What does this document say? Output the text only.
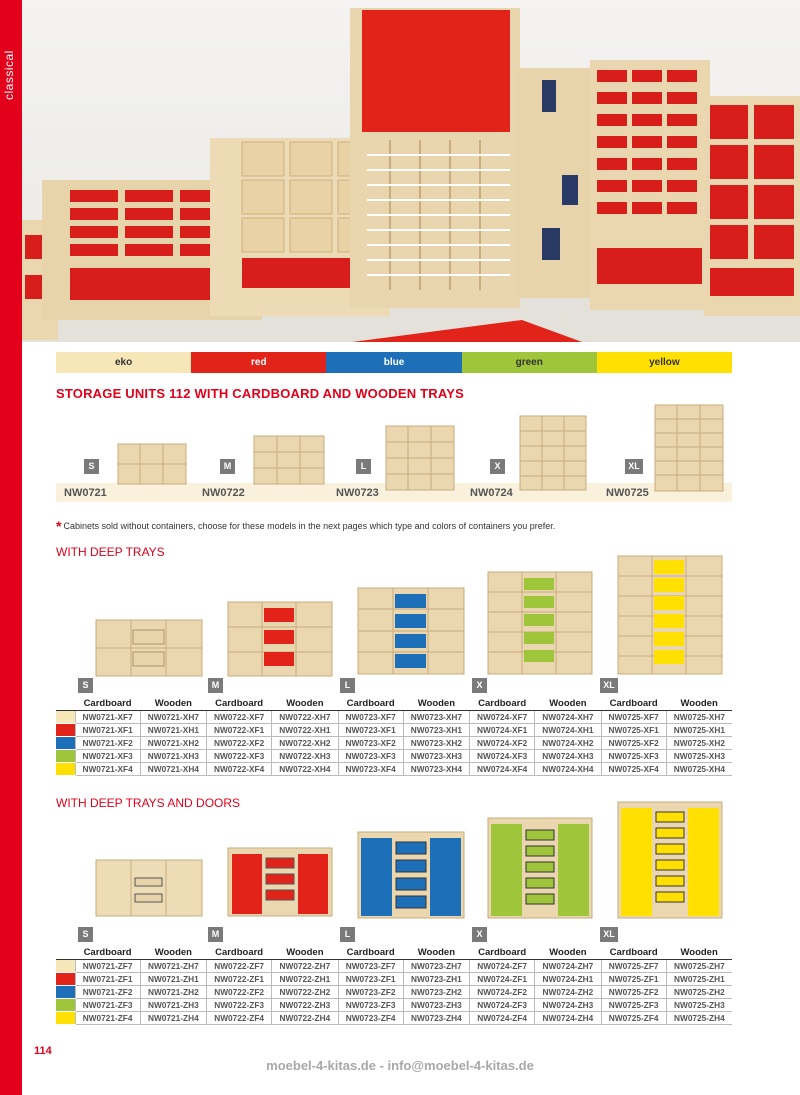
classical
eko	red	blue	green	yellow
STORAGE UNITS 112 WITH CARDBOARD AND WOODEN TRAYS
S	M	L	X	XL
NW0721	NW0722	NW0723	NW0724	NW0725
* Cabinets sold without containers, choose for these models in the next pages which type and colors of containers you prefer.
WITH DEEP TRAYS
S	M	L	X	XL
	Cardboard	Wooden	Cardboard	Wooden	Cardboard	Wooden	Cardboard	Wooden	Cardboard	Wooden
	NW0721-XF7	NW0721-XH7	NW0722-XF7	NW0722-XH7	NW0723-XF7	NW0723-XH7	NW0724-XF7	NW0724-XH7	NW0725-XF7	NW0725-XH7
	NW0721-XF1	NW0721-XH1	NW0722-XF1	NW0722-XH1	NW0723-XF1	NW0723-XH1	NW0724-XF1	NW0724-XH1	NW0725-XF1	NW0725-XH1
	NW0721-XF2	NW0721-XH2	NW0722-XF2	NW0722-XH2	NW0723-XF2	NW0723-XH2	NW0724-XF2	NW0724-XH2	NW0725-XF2	NW0725-XH2
	NW0721-XF3	NW0721-XH3	NW0722-XF3	NW0722-XH3	NW0723-XF3	NW0723-XH3	NW0724-XF3	NW0724-XH3	NW0725-XF3	NW0725-XH3
	NW0721-XF4	NW0721-XH4	NW0722-XF4	NW0722-XH4	NW0723-XF4	NW0723-XH4	NW0724-XF4	NW0724-XH4	NW0725-XF4	NW0725-XH4
WITH DEEP TRAYS AND DOORS
S	M	L	X	XL
	Cardboard	Wooden	Cardboard	Wooden	Cardboard	Wooden	Cardboard	Wooden	Cardboard	Wooden
	NW0721-ZF7	NW0721-ZH7	NW0722-ZF7	NW0722-ZH7	NW0723-ZF7	NW0723-ZH7	NW0724-ZF7	NW0724-ZH7	NW0725-ZF7	NW0725-ZH7
	NW0721-ZF1	NW0721-ZH1	NW0722-ZF1	NW0722-ZH1	NW0723-ZF1	NW0723-ZH1	NW0724-ZF1	NW0724-ZH1	NW0725-ZF1	NW0725-ZH1
	NW0721-ZF2	NW0721-ZH2	NW0722-ZF2	NW0722-ZH2	NW0723-ZF2	NW0723-ZH2	NW0724-ZF2	NW0724-ZH2	NW0725-ZF2	NW0725-ZH2
	NW0721-ZF3	NW0721-ZH3	NW0722-ZF3	NW0722-ZH3	NW0723-ZF3	NW0723-ZH3	NW0724-ZF3	NW0724-ZH3	NW0725-ZF3	NW0725-ZH3
	NW0721-ZF4	NW0721-ZH4	NW0722-ZF4	NW0722-ZH4	NW0723-ZF4	NW0723-ZH4	NW0724-ZF4	NW0724-ZH4	NW0725-ZF4	NW0725-ZH4
114
moebel-4-kitas.de - info@moebel-4-kitas.de
